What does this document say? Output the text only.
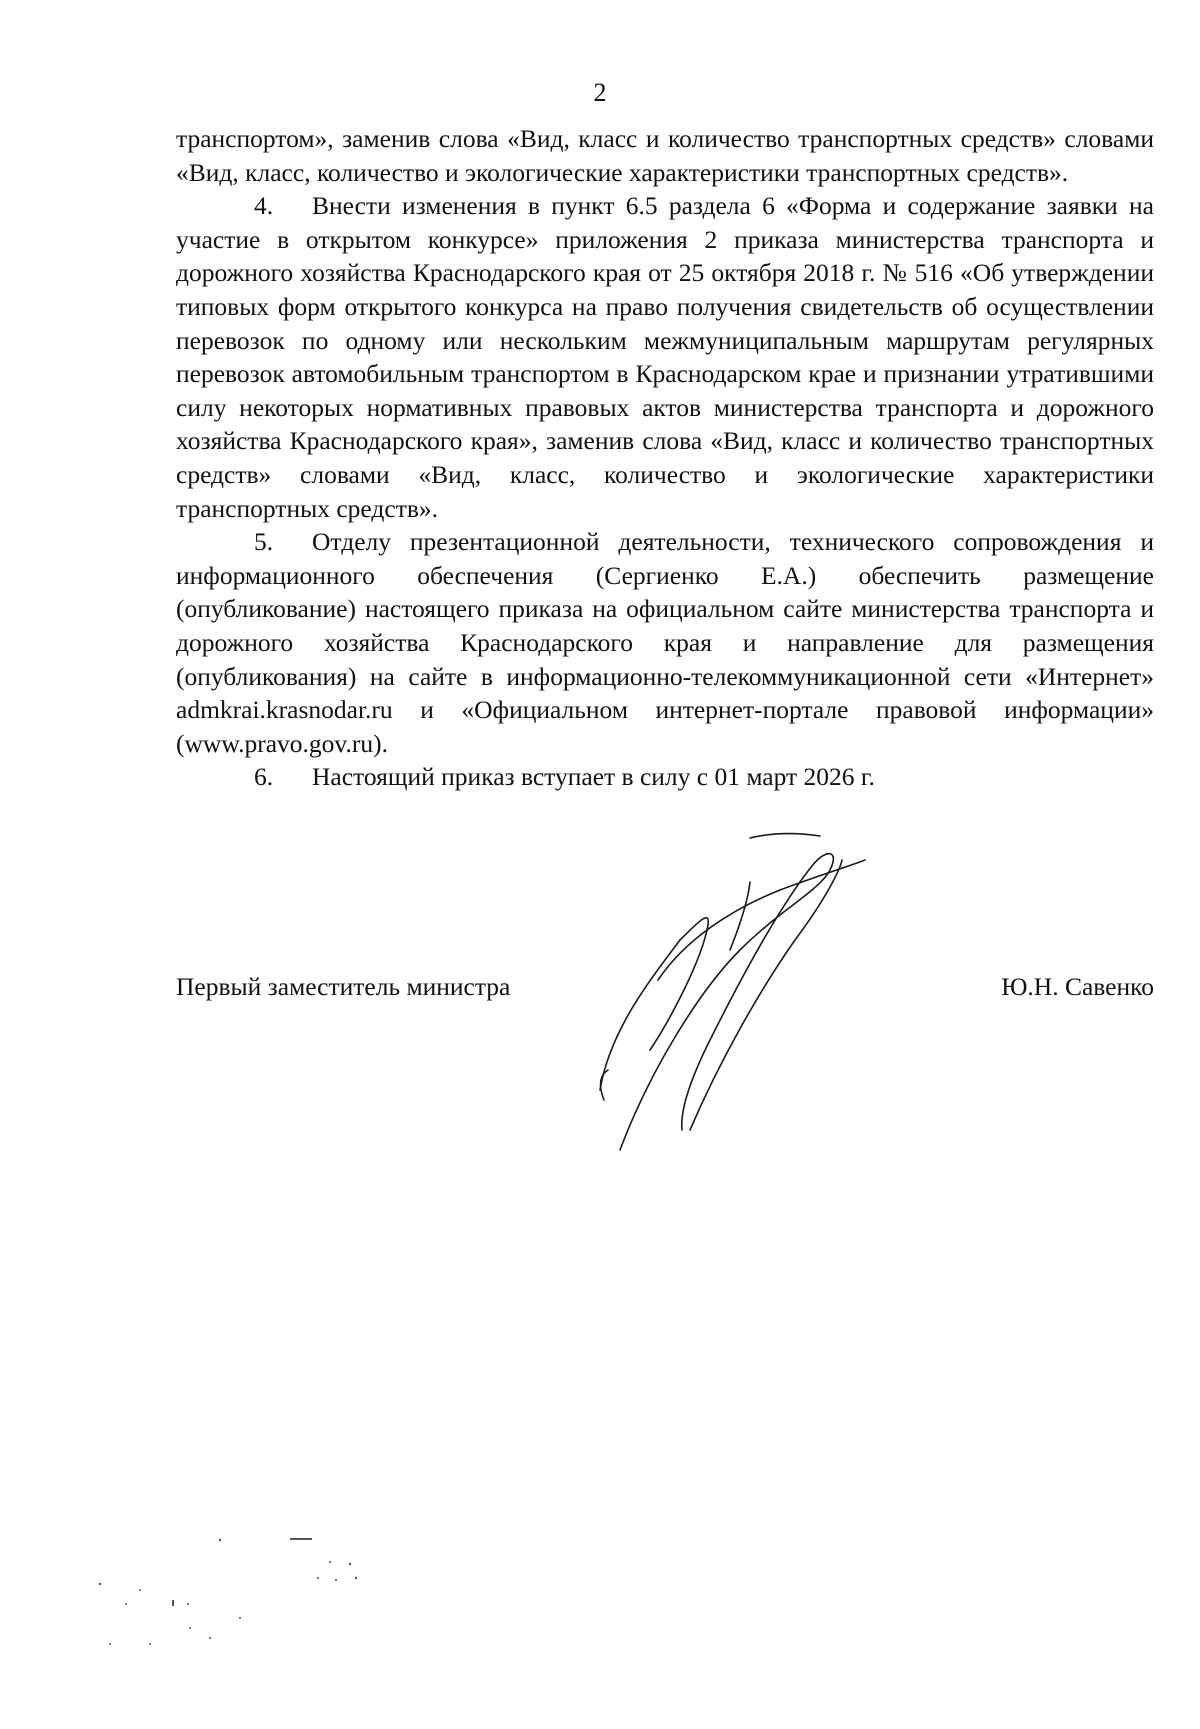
2

транспортом», заменив слова «Вид, класс и количество транспортных средств» словами «Вид, класс, количество и экологические характеристики транспортных средств».

4. Внести изменения в пункт 6.5 раздела 6 «Форма и содержание заявки на участие в открытом конкурсе» приложения 2 приказа министерства транспорта и дорожного хозяйства Краснодарского края от 25 октября 2018 г. № 516 «Об утверждении типовых форм открытого конкурса на право получения свидетельств об осуществлении перевозок по одному или нескольким межмуниципальным маршрутам регулярных перевозок автомобильным транспортом в Краснодарском крае и признании утратившими силу некоторых нормативных правовых актов министерства транспорта и дорожного хозяйства Краснодарского края», заменив слова «Вид, класс и количество транспортных средств» словами «Вид, класс, количество и экологические характеристики транспортных средств».

5. Отделу презентационной деятельности, технического сопровождения и информационного обеспечения (Сергиенко Е.А.) обеспечить размещение (опубликование) настоящего приказа на официальном сайте министерства транспорта и дорожного хозяйства Краснодарского края и направление для размещения (опубликования) на сайте в информационно-телекоммуникационной сети «Интернет» admkrai.krasnodar.ru и «Официальном интернет-портале правовой информации» (www.pravo.gov.ru).

6. Настоящий приказ вступает в силу с 01 март 2026 г.

Первый заместитель министра	Ю.Н. Савенко
